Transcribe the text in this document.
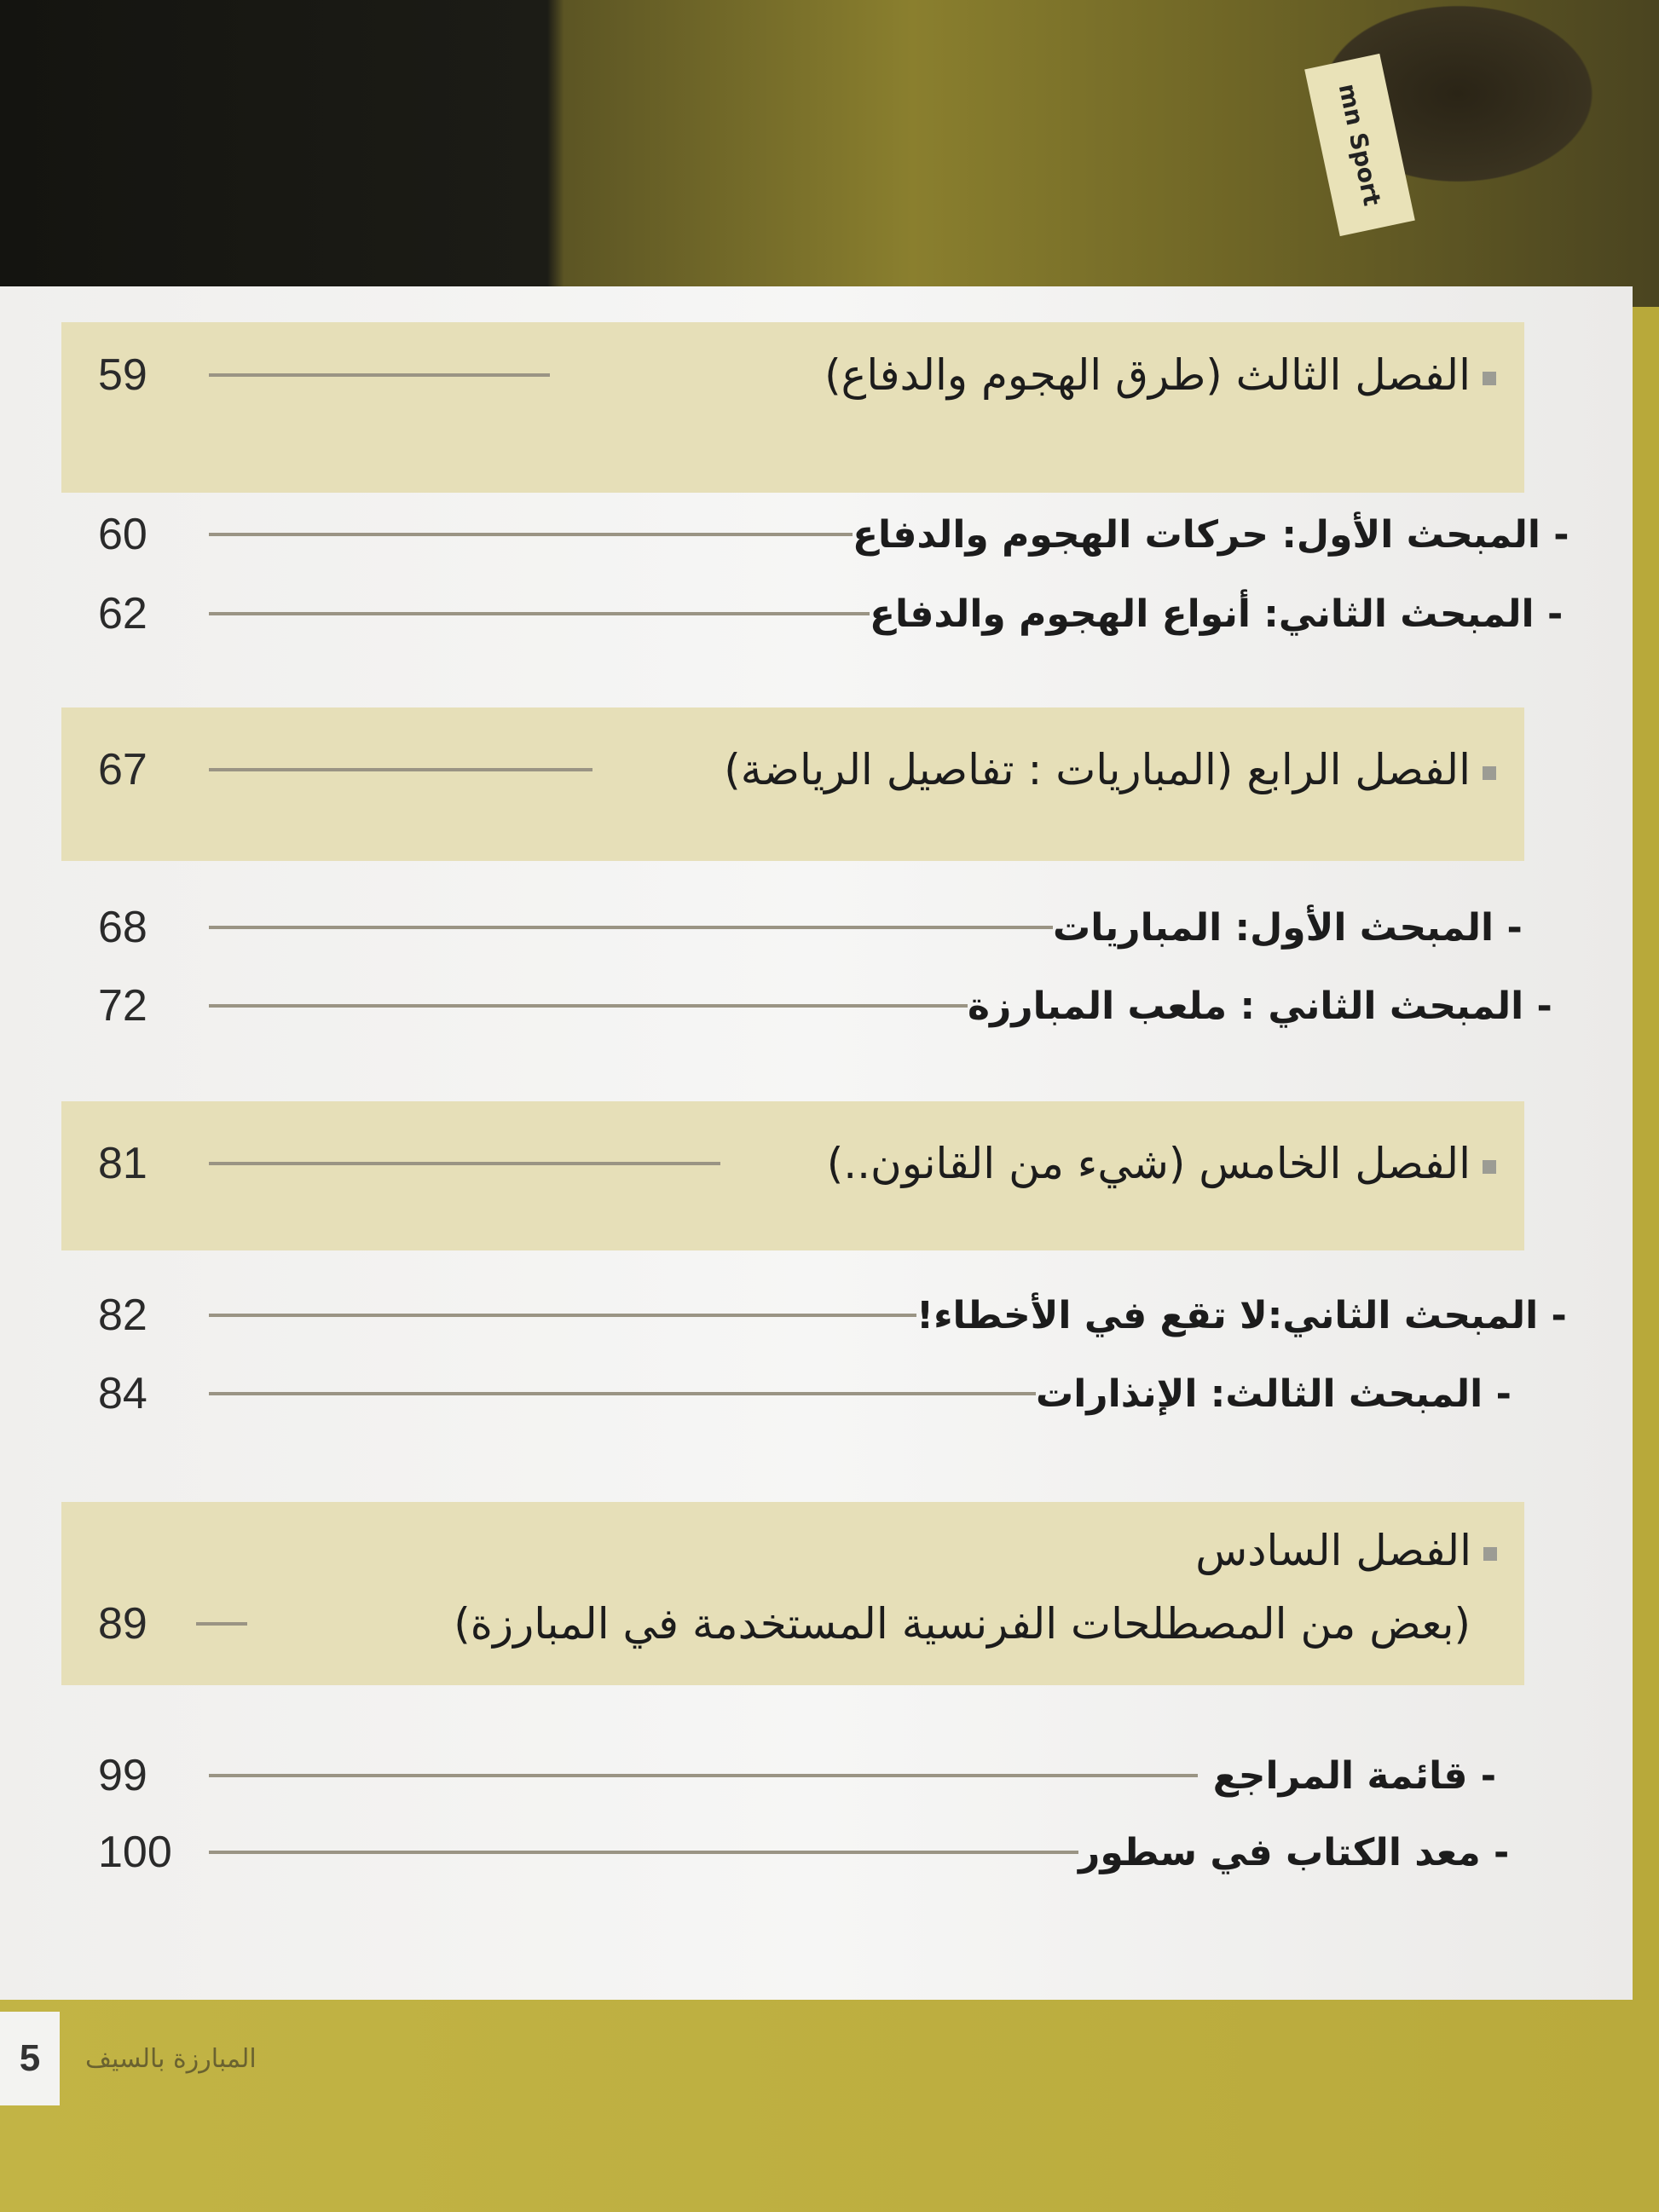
mn Sport
59	الفصل الثالث (طرق الهجوم والدفاع)
60	- المبحث الأول: حركات الهجوم والدفاع
62	- المبحث الثاني: أنواع الهجوم والدفاع
67	الفصل الرابع (المباريات : تفاصيل الرياضة)
68	- المبحث الأول: المباريات
72	- المبحث الثاني : ملعب المبارزة
81	الفصل الخامس (شيء من القانون..)
82	- المبحث الثاني:لا تقع في الأخطاء!
84	- المبحث الثالث: الإنذارات
الفصل السادس
89	(بعض من المصطلحات الفرنسية المستخدمة في المبارزة)
99	- قائمة المراجع
100	- معد الكتاب في سطور
5	المبارزة بالسيف
